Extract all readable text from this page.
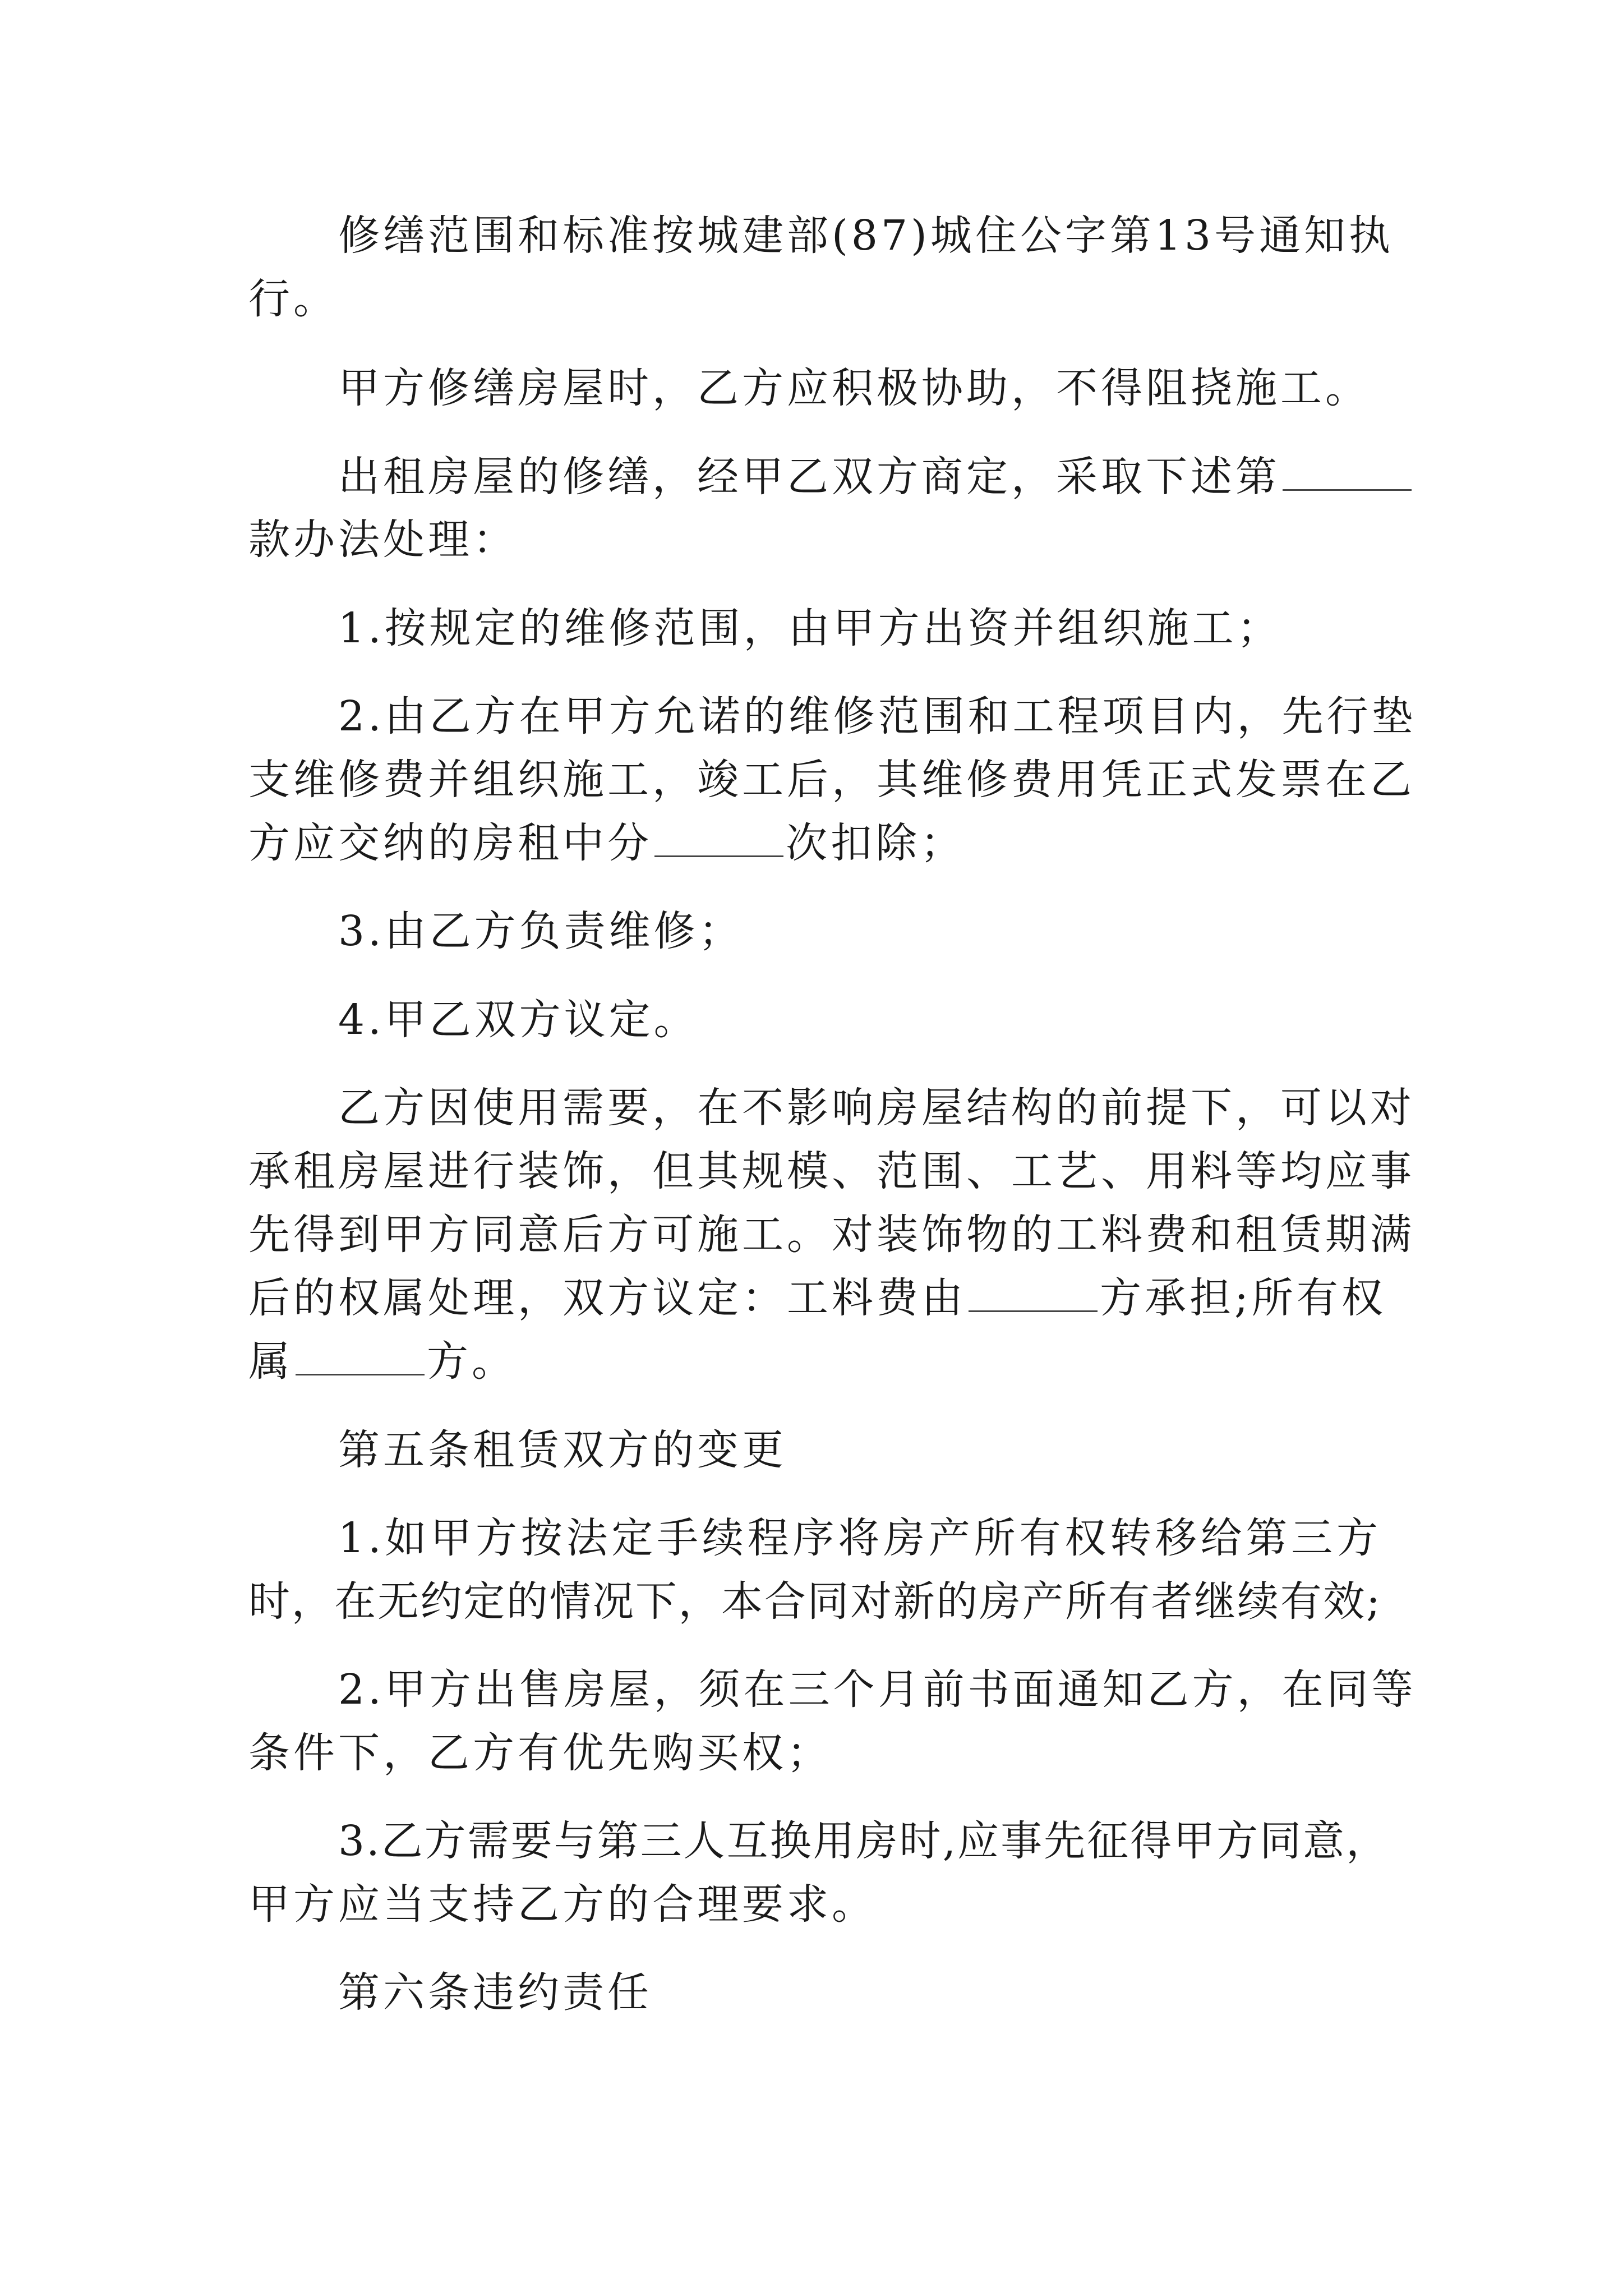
修缮范围和标准按城建部(87)城住公字第13号通知执
行。
甲方修缮房屋时，乙方应积极协助，不得阻挠施工。
出租房屋的修缮，经甲乙双方商定，采取下述第
款办法处理：
1.按规定的维修范围，由甲方出资并组织施工；
2.由乙方在甲方允诺的维修范围和工程项目内，先行垫
支维修费并组织施工，竣工后，其维修费用凭正式发票在乙
方应交纳的房租中分	次扣除；
3.由乙方负责维修；
4.甲乙双方议定。
乙方因使用需要，在不影响房屋结构的前提下，可以对
承租房屋进行装饰，但其规模、范围、工艺、用料等均应事
先得到甲方同意后方可施工。对装饰物的工料费和租赁期满
后的权属处理，双方议定：工料费由	方承担;所有权
属	方。
第五条租赁双方的变更
1.如甲方按法定手续程序将房产所有权转移给第三方
时，在无约定的情况下，本合同对新的房产所有者继续有效;
2.甲方出售房屋，须在三个月前书面通知乙方，在同等
条件下，乙方有优先购买权；
3.乙方需要与第三人互换用房时,应事先征得甲方同意，
甲方应当支持乙方的合理要求。
第六条违约责任
